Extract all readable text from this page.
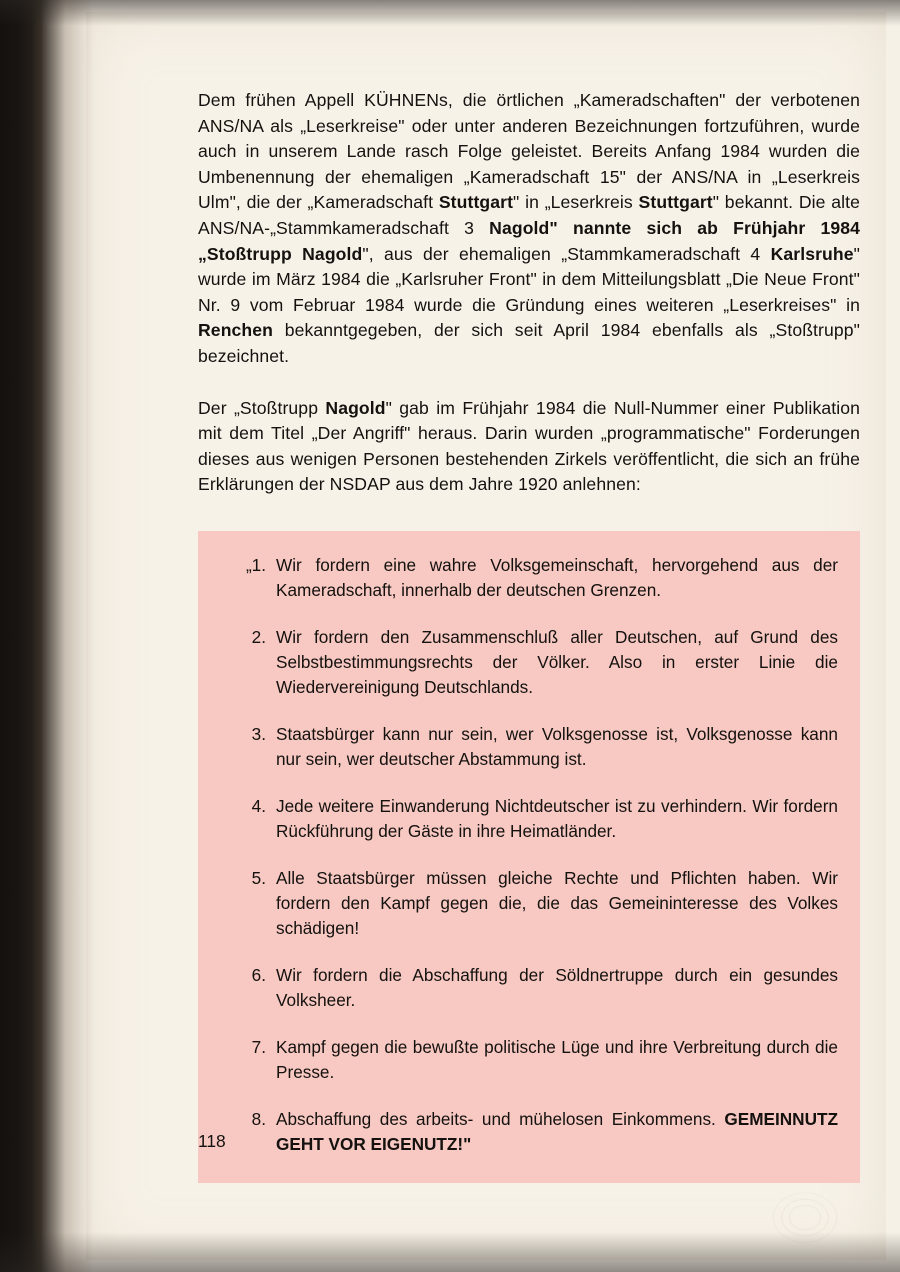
Dem frühen Appell KÜHNENs, die örtlichen „Kameradschaften" der verbotenen ANS/NA als „Leserkreise" oder unter anderen Bezeichnungen fortzuführen, wurde auch in unserem Lande rasch Folge geleistet. Bereits Anfang 1984 wurden die Umbenennung der ehemaligen „Kameradschaft 15" der ANS/NA in „Leserkreis Ulm", die der „Kameradschaft Stuttgart" in „Leserkreis Stuttgart" bekannt. Die alte ANS/NA-„Stammkameradschaft 3 Nagold" nannte sich ab Frühjahr 1984 „Stoßtrupp Nagold", aus der ehemaligen „Stammkameradschaft 4 Karlsruhe" wurde im März 1984 die „Karlsruher Front" in dem Mitteilungsblatt „Die Neue Front" Nr. 9 vom Februar 1984 wurde die Gründung eines weiteren „Leserkreises" in Renchen bekanntgegeben, der sich seit April 1984 ebenfalls als „Stoßtrupp" bezeichnet.

Der „Stoßtrupp Nagold" gab im Frühjahr 1984 die Null-Nummer einer Publikation mit dem Titel „Der Angriff" heraus. Darin wurden „programmatische" Forderungen dieses aus wenigen Personen bestehenden Zirkels veröffentlicht, die sich an frühe Erklärungen der NSDAP aus dem Jahre 1920 anlehnen:

„1. Wir fordern eine wahre Volksgemeinschaft, hervorgehend aus der Kameradschaft, innerhalb der deutschen Grenzen.
2. Wir fordern den Zusammenschluß aller Deutschen, auf Grund des Selbstbestimmungsrechts der Völker. Also in erster Linie die Wiedervereinigung Deutschlands.
3. Staatsbürger kann nur sein, wer Volksgenosse ist, Volksgenosse kann nur sein, wer deutscher Abstammung ist.
4. Jede weitere Einwanderung Nichtdeutscher ist zu verhindern. Wir fordern Rückführung der Gäste in ihre Heimatländer.
5. Alle Staatsbürger müssen gleiche Rechte und Pflichten haben. Wir fordern den Kampf gegen die, die das Gemeininteresse des Volkes schädigen!
6. Wir fordern die Abschaffung der Söldnertruppe durch ein gesundes Volksheer.
7. Kampf gegen die bewußte politische Lüge und ihre Verbreitung durch die Presse.
8. Abschaffung des arbeits- und mühelosen Einkommens. GEMEINNUTZ GEHT VOR EIGENUTZ!"
118
